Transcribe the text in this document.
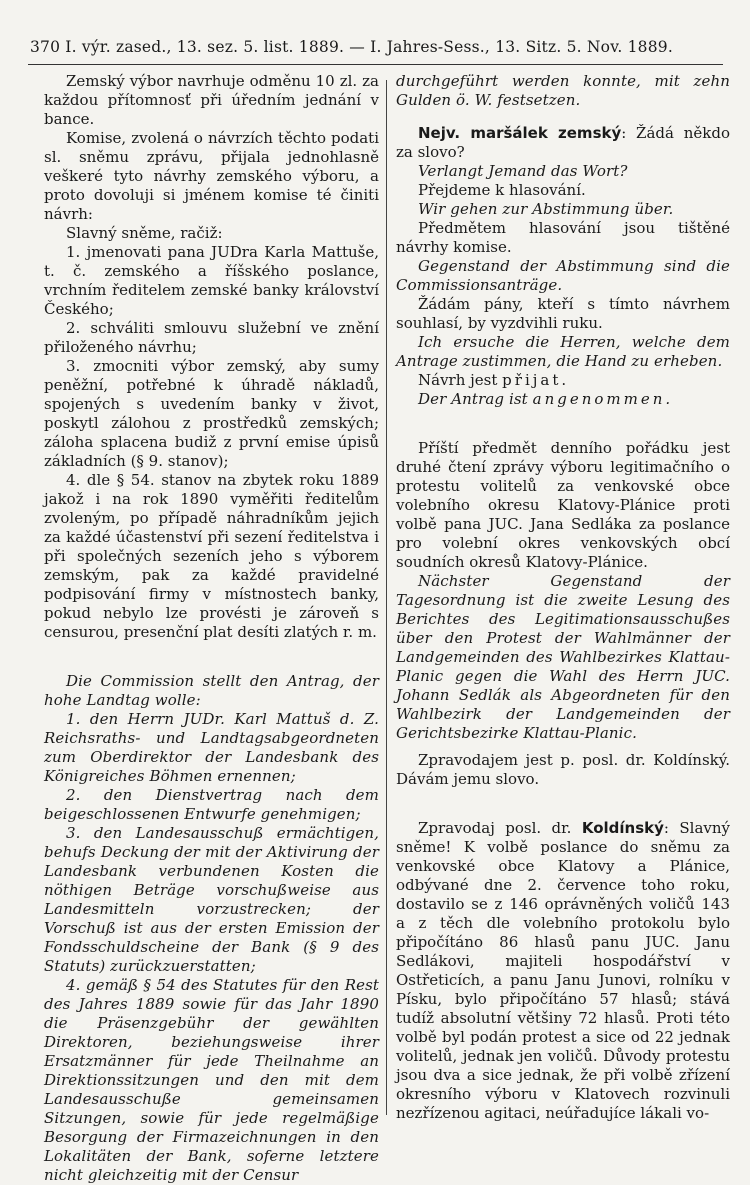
370 I. výr. zased., 13. sez. 5. list. 1889. — I. Jahres-Sess., 13. Sitz. 5. Nov. 1889.

Zemský výbor navrhuje odměnu 10 zl. za každou přítomnosť při úředním jednání v bance.

Komise, zvolená o návrzích těchto podati sl. sněmu zprávu, přijala jednohlasně veškeré tyto návrhy zemského výboru, a proto dovoluji si jménem komise té činiti návrh:

Slavný sněme, račiž:

1. jmenovati pana JUDra Karla Mattuše, t. č. zemského a říšského poslance, vrchním ředitelem zemské banky království Českého;

2. schváliti smlouvu služební ve znění přiloženého návrhu;

3. zmocniti výbor zemský, aby sumy peněžní, potřebné k úhradě nákladů, spojených s uvedením banky v život, poskytl zálohou z prostředků zemských; záloha splacena budiž z první emise úpisů základních (§ 9. stanov);

4. dle § 54. stanov na zbytek roku 1889 jakož i na rok 1890 vyměřiti ředitelům zvoleným, po případě náhradníkům jejich za každé účastenství při sezení ředitelstva i při společných sezeních jeho s výborem zemským, pak za každé pravidelné podpisování firmy v místnostech banky, pokud nebylo lze provésti je zároveň s censurou, presenční plat desíti zlatých r. m.

Die Commission stellt den Antrag, der hohe Landtag wolle:

1. den Herrn JUDr. Karl Mattuš d. Z. Reichsraths- und Landtagsabgeordneten zum Oberdirektor der Landesbank des Königreiches Böhmen ernennen;

2. den Dienstvertrag nach dem beigeschlossenen Entwurfe genehmigen;

3. den Landesausschuß ermächtigen, behufs Deckung der mit der Aktivirung der Landesbank verbundenen Kosten die nöthigen Beträge vorschußweise aus Landesmitteln vorzustrecken; der Vorschuß ist aus der ersten Emission der Fondsschuldscheine der Bank (§ 9 des Statuts) zurückzuerstatten;

4. gemäß § 54 des Statutes für den Rest des Jahres 1889 sowie für das Jahr 1890 die Präsenzgebühr der gewählten Direktoren, beziehungsweise ihrer Ersatzmänner für jede Theilnahme an Direktionssitzungen und den mit dem Landesausschuße gemeinsamen Sitzungen, sowie für jede regelmäßige Besorgung der Firmazeichnungen in den Lokalitäten der Bank, soferne letztere nicht gleichzeitig mit der Censur

durchgeführt werden konnte, mit zehn Gulden ö. W. festsetzen.

Nejv. maršálek zemský: Žádá někdo za slovo?

Verlangt Jemand das Wort?

Přejdeme k hlasování.

Wir gehen zur Abstimmung über.

Předmětem hlasování jsou tištěné návrhy komise.

Gegenstand der Abstimmung sind die Commissionsanträge.

Žádám pány, kteří s tímto návrhem souhlasí, by vyzdvihli ruku.

Ich ersuche die Herren, welche dem Antrage zustimmen, die Hand zu erheben.

Návrh jest přijat.

Der Antrag ist angenommen.

Příští předmět denního pořádku jest druhé čtení zprávy výboru legitimačního o protestu volitelů za venkovské obce volebního okresu Klatovy-Plánice proti volbě pana JUC. Jana Sedláka za poslance pro volební okres venkovských obcí soudních okresů Klatovy-Plánice.

Nächster Gegenstand der Tagesordnung ist die zweite Lesung des Berichtes des Legitimationsausschußes über den Protest der Wahlmänner der Landgemeinden des Wahlbezirkes Klattau-Planic gegen die Wahl des Herrn JUC. Johann Sedlák als Abgeordneten für den Wahlbezirk der Landgemeinden der Gerichtsbezirke Klattau-Planic.

Zpravodajem jest p. posl. dr. Koldínský. Dávám jemu slovo.

Zpravodaj posl. dr. Koldínský: Slavný sněme! K volbě poslance do sněmu za venkovské obce Klatovy a Plánice, odbývané dne 2. července toho roku, dostavilo se z 146 oprávněných voličů 143 a z těch dle volebního protokolu bylo připočítáno 86 hlasů panu JUC. Janu Sedlákovi, majiteli hospodářství v Ostřeticích, a panu Janu Junovi, rolníku v Písku, bylo připočítáno 57 hlasů; stává tudíž absolutní většiny 72 hlasů. Proti této volbě byl podán protest a sice od 22 jednak volitelů, jednak jen voličů. Důvody protestu jsou dva a sice jednak, že při volbě zřízení okresního výboru v Klatovech rozvinuli nezřízenou agitaci, neúřadujíce lákali vo-
